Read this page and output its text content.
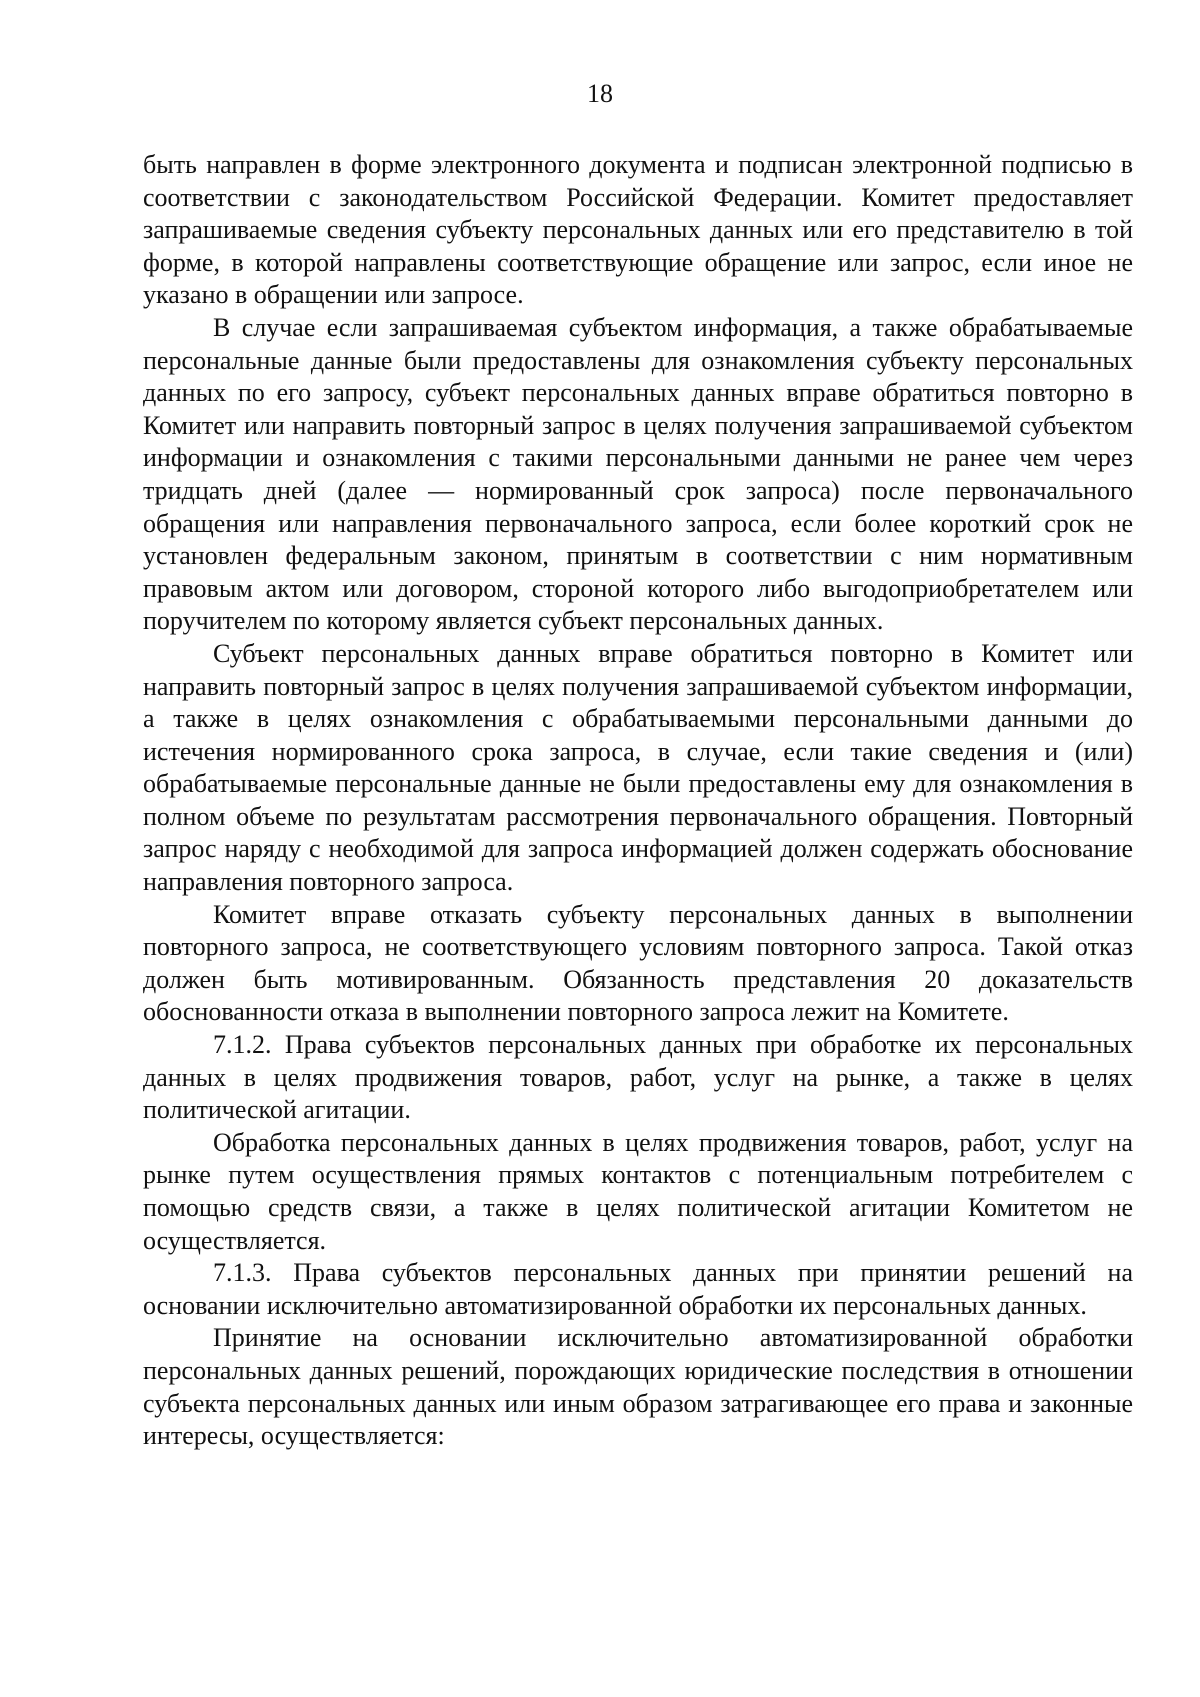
18

быть направлен в форме электронного документа и подписан электронной подписью в соответствии с законодательством Российской Федерации. Комитет предоставляет запрашиваемые сведения субъекту персональных данных или его представителю в той форме, в которой направлены соответствующие обращение или запрос, если иное не указано в обращении или запросе.

В случае если запрашиваемая субъектом информация, а также обрабатываемые персональные данные были предоставлены для ознакомления субъекту персональных данных по его запросу, субъект персональных данных вправе обратиться повторно в Комитет или направить повторный запрос в целях получения запрашиваемой субъектом информации и ознакомления с такими персональными данными не ранее чем через тридцать дней (далее — нормированный срок запроса) после первоначального обращения или направления первоначального запроса, если более короткий срок не установлен федеральным законом, принятым в соответствии с ним нормативным правовым актом или договором, стороной которого либо выгодоприобретателем или поручителем по которому является субъект персональных данных.

Субъект персональных данных вправе обратиться повторно в Комитет или направить повторный запрос в целях получения запрашиваемой субъектом информации, а также в целях ознакомления с обрабатываемыми персональными данными до истечения нормированного срока запроса, в случае, если такие сведения и (или) обрабатываемые персональные данные не были предоставлены ему для ознакомления в полном объеме по результатам рассмотрения первоначального обращения. Повторный запрос наряду с необходимой для запроса информацией должен содержать обоснование направления повторного запроса.

Комитет вправе отказать субъекту персональных данных в выполнении повторного запроса, не соответствующего условиям повторного запроса. Такой отказ должен быть мотивированным. Обязанность представления 20 доказательств обоснованности отказа в выполнении повторного запроса лежит на Комитете.

7.1.2. Права субъектов персональных данных при обработке их персональных данных в целях продвижения товаров, работ, услуг на рынке, а также в целях политической агитации.

Обработка персональных данных в целях продвижения товаров, работ, услуг на рынке путем осуществления прямых контактов с потенциальным потребителем с помощью средств связи, а также в целях политической агитации Комитетом не осуществляется.

7.1.3. Права субъектов персональных данных при принятии решений на основании исключительно автоматизированной обработки их персональных данных.

Принятие на основании исключительно автоматизированной обработки персональных данных решений, порождающих юридические последствия в отношении субъекта персональных данных или иным образом затрагивающее его права и законные интересы, осуществляется:
